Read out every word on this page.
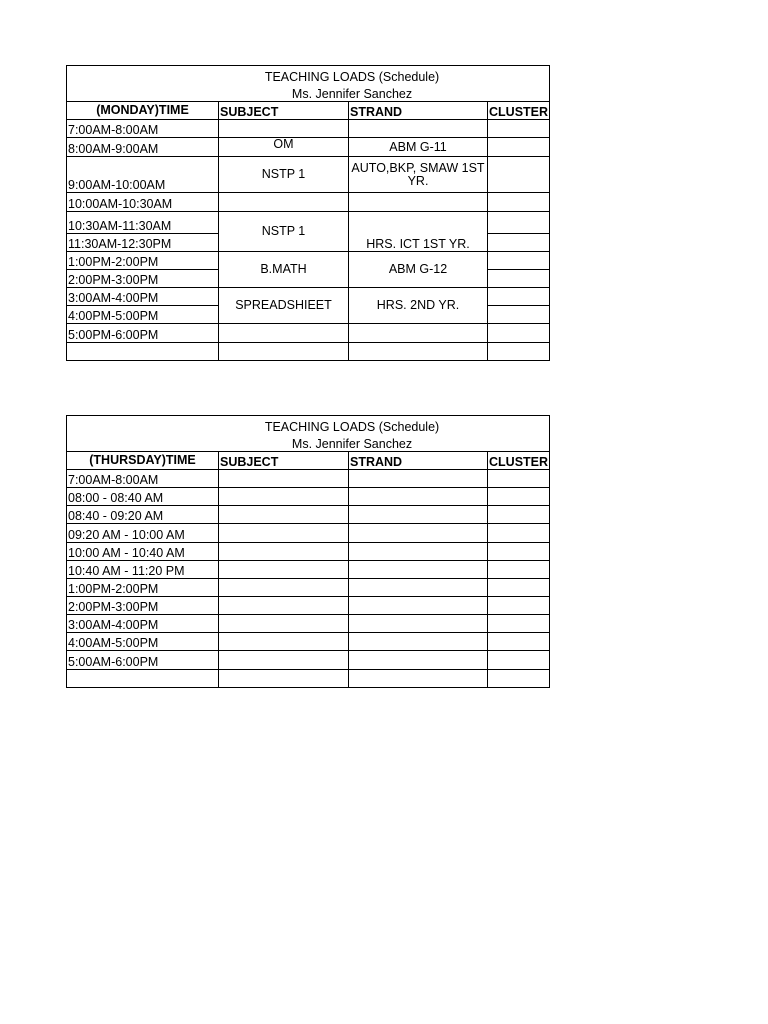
TEACHING LOADS (Schedule)			
Ms. Jennifer Sanchez			
(MONDAY)TIME	SUBJECT	STRAND	CLUSTER
7:00AM-8:00AM			
8:00AM-9:00AM	OM	ABM G-11	
9:00AM-10:00AM	NSTP 1	AUTO,BKP, SMAW 1ST YR.	
10:00AM-10:30AM			
10:30AM-11:30AM	NSTP 1	HRS. ICT 1ST YR.	
11:30AM-12:30PM			
1:00PM-2:00PM	B.MATH	ABM G-12	
2:00PM-3:00PM			
3:00AM-4:00PM	SPREADSHIEET	HRS. 2ND YR.	
4:00PM-5:00PM			
5:00PM-6:00PM			

TEACHING LOADS (Schedule)			
Ms. Jennifer Sanchez			
(THURSDAY)TIME	SUBJECT	STRAND	CLUSTER
7:00AM-8:00AM			
08:00 - 08:40 AM			
08:40 - 09:20 AM			
09:20 AM - 10:00 AM			
10:00 AM - 10:40 AM			
10:40 AM - 11:20 PM			
1:00PM-2:00PM			
2:00PM-3:00PM			
3:00AM-4:00PM			
4:00AM-5:00PM			
5:00AM-6:00PM			
